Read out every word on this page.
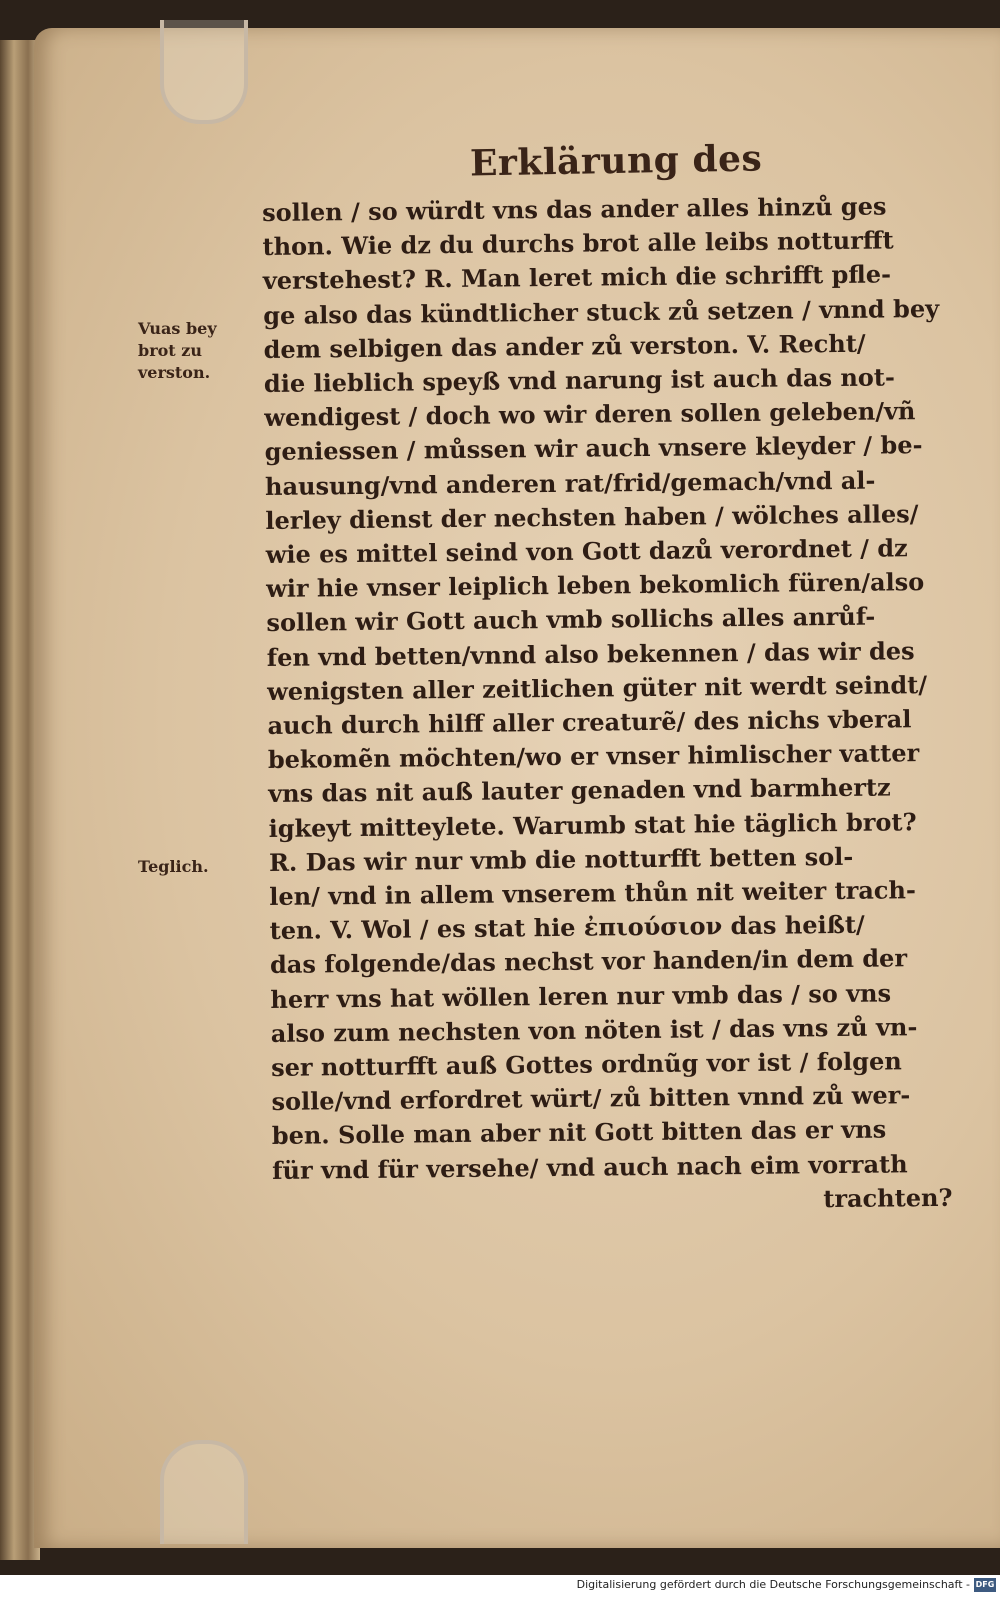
Erklärung des
Vuas bey
brot zu
verston.
Teglich.
sollen / so würdt vns das ander alles hinzů ges
thon. Wie dz du durchs brot alle leibs notturfft
verstehest? R. Man leret mich die schrifft pfle-
ge also das kündtlicher stuck zů setzen / vnnd bey
dem selbigen das ander zů verston. V. Recht/
die lieblich speyß vnd narung ist auch das not-
wendigest / doch wo wir deren sollen geleben/vñ
geniessen / můssen wir auch vnsere kleyder / be-
hausung/vnd anderen rat/frid/gemach/vnd al-
lerley dienst der nechsten haben / wölches alles/
wie es mittel seind von Gott dazů verordnet / dz
wir hie vnser leiplich leben bekomlich füren/also
sollen wir Gott auch vmb sollichs alles anrůf-
fen vnd betten/vnnd also bekennen / das wir des
wenigsten aller zeitlichen güter nit werdt seindt/
auch durch hilff aller creaturẽ/ des nichs vberal
bekomẽn möchten/wo er vnser himlischer vatter
vns das nit auß lauter genaden vnd barmhertz
igkeyt mitteylete. Warumb stat hie täglich brot?
R. Das wir nur vmb die notturfft betten sol-
len/ vnd in allem vnserem thůn nit weiter trach-
ten. V. Wol / es stat hie ἐπιούσιον das heißt/
das folgende/das nechst vor handen/in dem der
herr vns hat wöllen leren nur vmb das / so vns
also zum nechsten von nöten ist / das vns zů vn-
ser notturfft auß Gottes ordnũg vor ist / folgen
solle/vnd erfordret würt/ zů bitten vnnd zů wer-
ben. Solle man aber nit Gott bitten das er vns
für vnd für versehe/ vnd auch nach eim vorrath
trachten?
Digitalisierung gefördert durch die Deutsche Forschungsgemeinschaft - DFG
